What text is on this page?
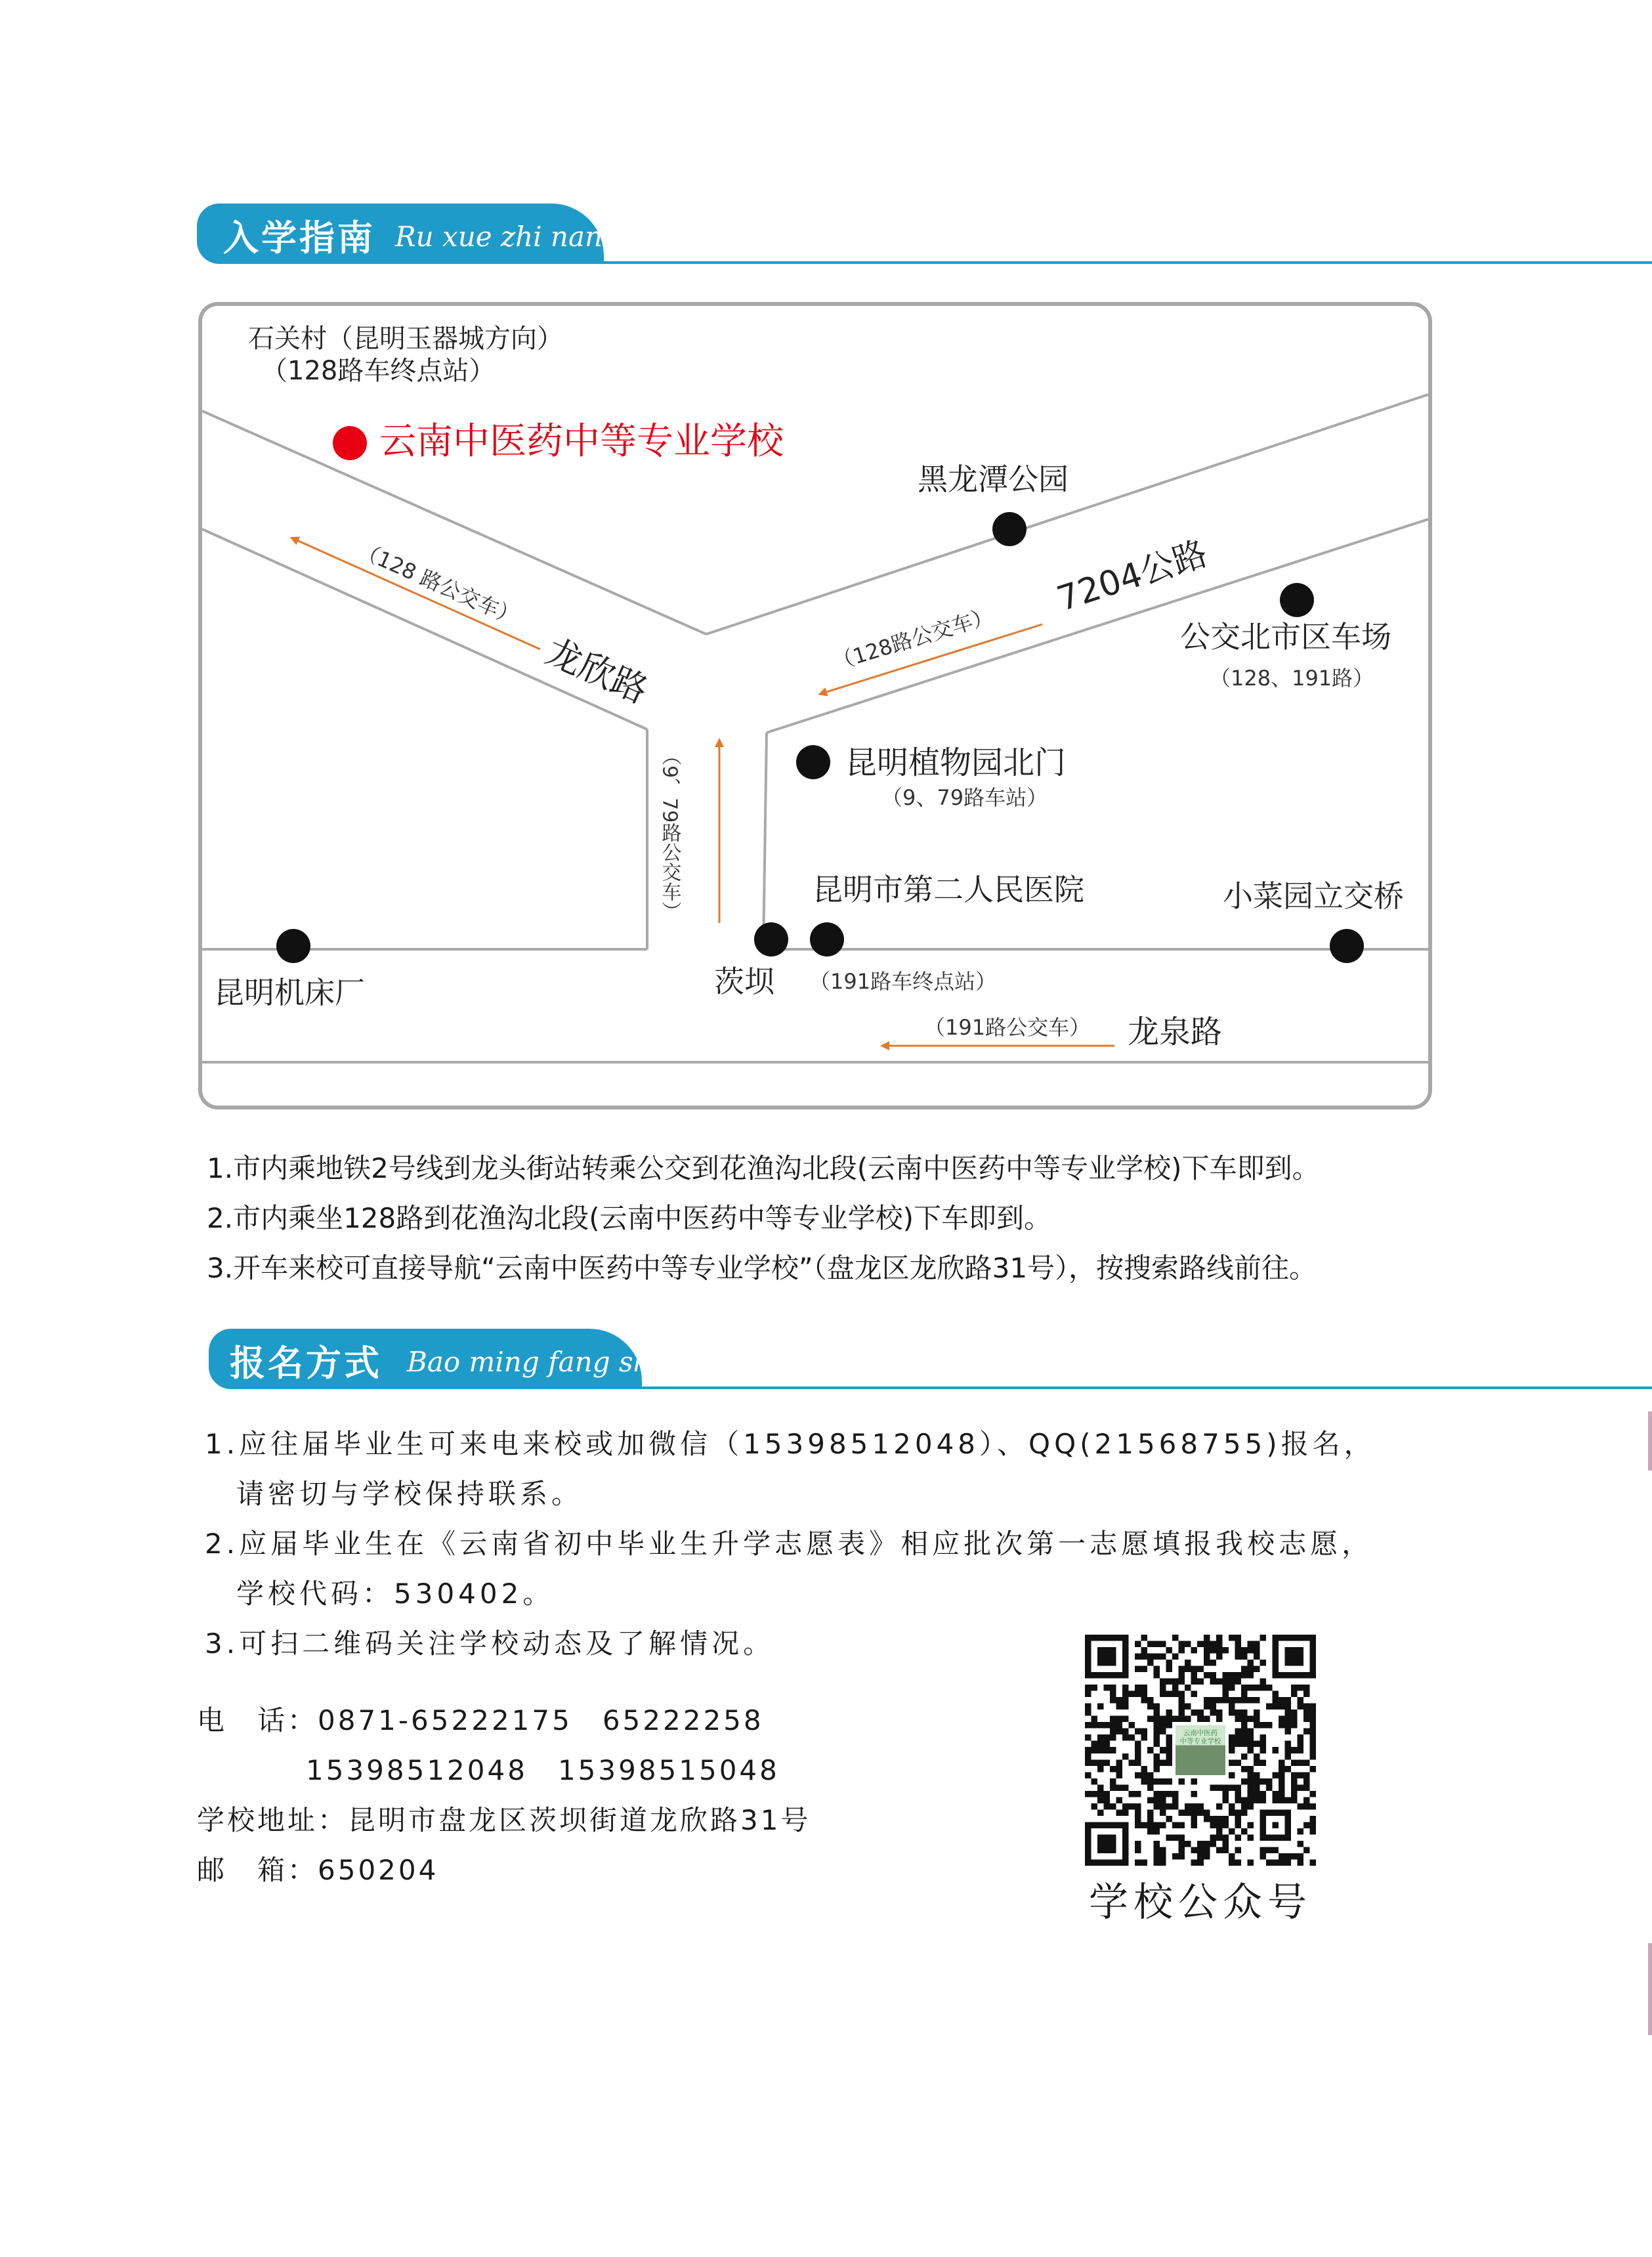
入学指南 Ru xue zhi nan
石关村（昆明玉器城方向）
（128路车终点站）
云南中医药中等专业学校
黑龙潭公园
7204公路
公交北市区车场
（128、191路）
（128 路公交车）
龙欣路	（128路公交车）
昆明植物园北门
（9、79路车站）
（9、79路公交车）	昆明市第二人民医院	小菜园立交桥
昆明机床厂	茨坝 （191路车终点站）
（191路公交车） 龙泉路
1.市内乘地铁2号线到龙头街站转乘公交到花渔沟北段(云南中医药中等专业学校)下车即到。
2.市内乘坐128路到花渔沟北段(云南中医药中等专业学校)下车即到。
3.开车来校可直接导航“云南中医药中等专业学校”（盘龙区龙欣路31号），按搜索路线前往。
报名方式 Bao ming fang shi
1.应往届毕业生可来电来校或加微信（15398512048）、QQ(21568755)报名，
请密切与学校保持联系。
2.应届毕业生在《云南省初中毕业生升学志愿表》相应批次第一志愿填报我校志愿，
学校代码：530402。
3.可扫二维码关注学校动态及了解情况。
电　话：0871-65222175　65222258
15398512048　15398515048
学校地址：昆明市盘龙区茨坝街道龙欣路31号
邮　箱：650204
云南中医药
中等专业学校
学校公众号
